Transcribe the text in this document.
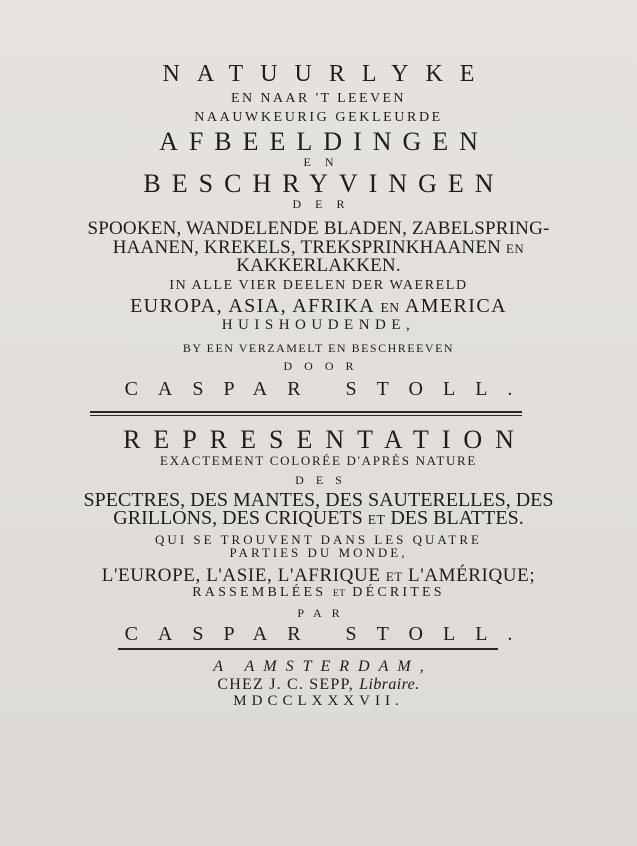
NATUURLYKE
EN NAAR 'T LEEVEN
NAAUWKEURIG GEKLEURDE
AFBEELDINGEN
EN
BESCHRYVINGEN
DER
SPOOKEN, WANDELENDE BLADEN, ZABELSPRING-
HAANEN, KREKELS, TREKSPRINKHAANEN EN
KAKKERLAKKEN.
IN ALLE VIER DEELEN DER WAERELD
EUROPA, ASIA, AFRIKA EN AMERICA
HUISHOUDENDE,
BY EEN VERZAMELT EN BESCHREEVEN
DOOR
CASPAR STOLL.
REPRESENTATION
EXACTEMENT COLORÉE D'APRÈS NATURE
DES
SPECTRES, DES MANTES, DES SAUTERELLES, DES
GRILLONS, DES CRIQUETS ET DES BLATTES.
QUI SE TROUVENT DANS LES QUATRE
PARTIES DU MONDE,
L'EUROPE, L'ASIE, L'AFRIQUE ET L'AMÉRIQUE;
RASSEMBLÉES ET DÉCRITES
PAR
CASPAR STOLL.
A AMSTERDAM,
CHEZ J. C. SEPP, Libraire.
MDCCLXXXVII.
